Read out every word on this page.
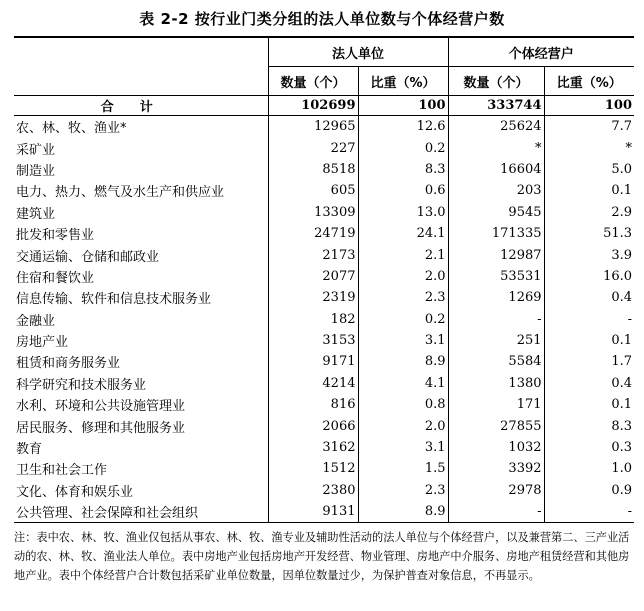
表 2-2 按行业门类分组的法人单位数与个体经营户数
	法人单位		个体经营户	
	数量（个）	比重（%）	数量（个）	比重（%）
合计	102699	100	333744	100
农、林、牧、渔业*	12965	12.6	25624	7.7
采矿业	227	0.2	*	*
制造业	8518	8.3	16604	5.0
电力、热力、燃气及水生产和供应业	605	0.6	203	0.1
建筑业	13309	13.0	9545	2.9
批发和零售业	24719	24.1	171335	51.3
交通运输、仓储和邮政业	2173	2.1	12987	3.9
住宿和餐饮业	2077	2.0	53531	16.0
信息传输、软件和信息技术服务业	2319	2.3	1269	0.4
金融业	182	0.2	-	-
房地产业	3153	3.1	251	0.1
租赁和商务服务业	9171	8.9	5584	1.7
科学研究和技术服务业	4214	4.1	1380	0.4
水利、环境和公共设施管理业	816	0.8	171	0.1
居民服务、修理和其他服务业	2066	2.0	27855	8.3
教育	3162	3.1	1032	0.3
卫生和社会工作	1512	1.5	3392	1.0
文化、体育和娱乐业	2380	2.3	2978	0.9
公共管理、社会保障和社会组织	9131	8.9	-	-
注：表中农、林、牧、渔业仅包括从事农、林、牧、渔专业及辅助性活动的法人单位与个体经营户，以及兼营第二、三产业活动的农、林、牧、渔业法人单位。表中房地产业包括房地产开发经营、物业管理、房地产中介服务、房地产租赁经营和其他房地产业。表中个体经营户合计数包括采矿业单位数量，因单位数量过少，为保护普查对象信息，不再显示。
